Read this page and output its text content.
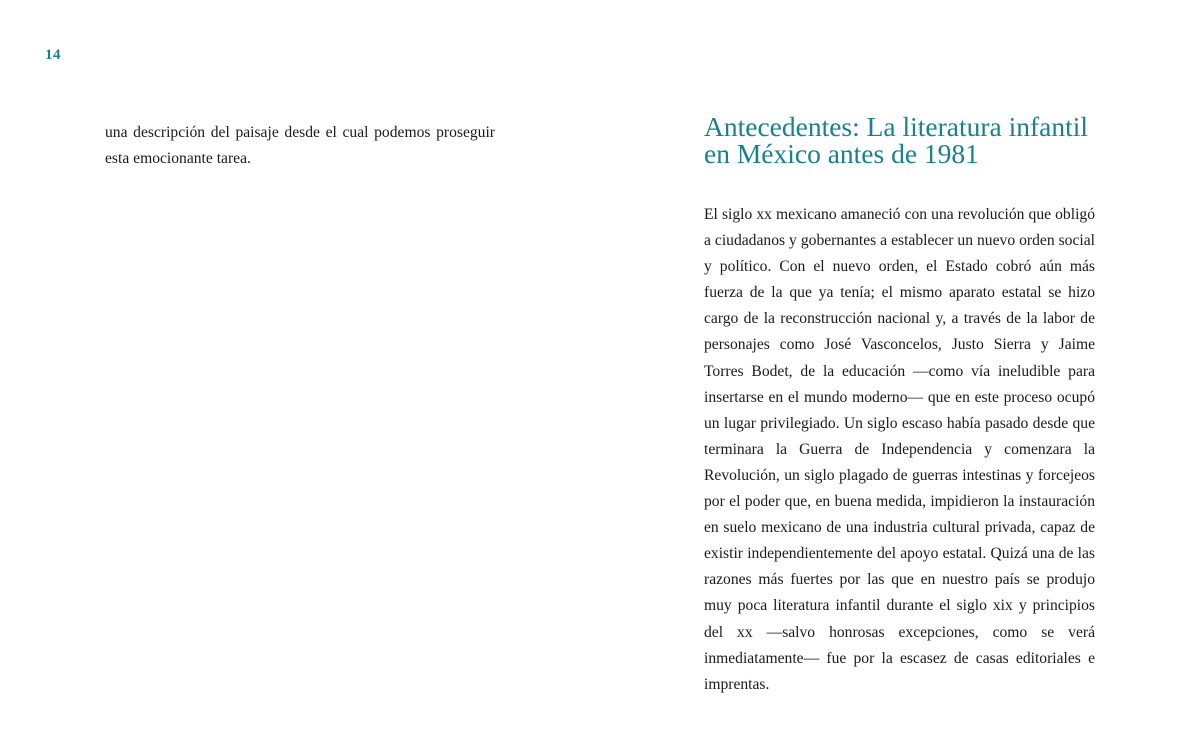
14

una descripción del paisaje desde el cual podemos proseguir esta emocionante tarea.

Antecedentes: La literatura infantil en México antes de 1981

El siglo xx mexicano amaneció con una revolución que obligó a ciudadanos y gobernantes a establecer un nuevo orden social y político. Con el nuevo orden, el Estado cobró aún más fuerza de la que ya tenía; el mismo aparato estatal se hizo cargo de la reconstrucción nacional y, a través de la labor de personajes como José Vasconcelos, Justo Sierra y Jaime Torres Bodet, de la educación —como vía ineludible para insertarse en el mundo moderno— que en este proceso ocupó un lugar privilegiado. Un siglo escaso había pasado desde que terminara la Guerra de Independencia y comenzara la Revolución, un siglo plagado de guerras intestinas y forcejeos por el poder que, en buena medida, impidieron la instauración en suelo mexicano de una industria cultural privada, capaz de existir independientemente del apoyo estatal. Quizá una de las razones más fuertes por las que en nuestro país se produjo muy poca literatura infantil durante el siglo xix y principios del xx —salvo honrosas excepciones, como se verá inmediatamente— fue por la escasez de casas editoriales e imprentas.
